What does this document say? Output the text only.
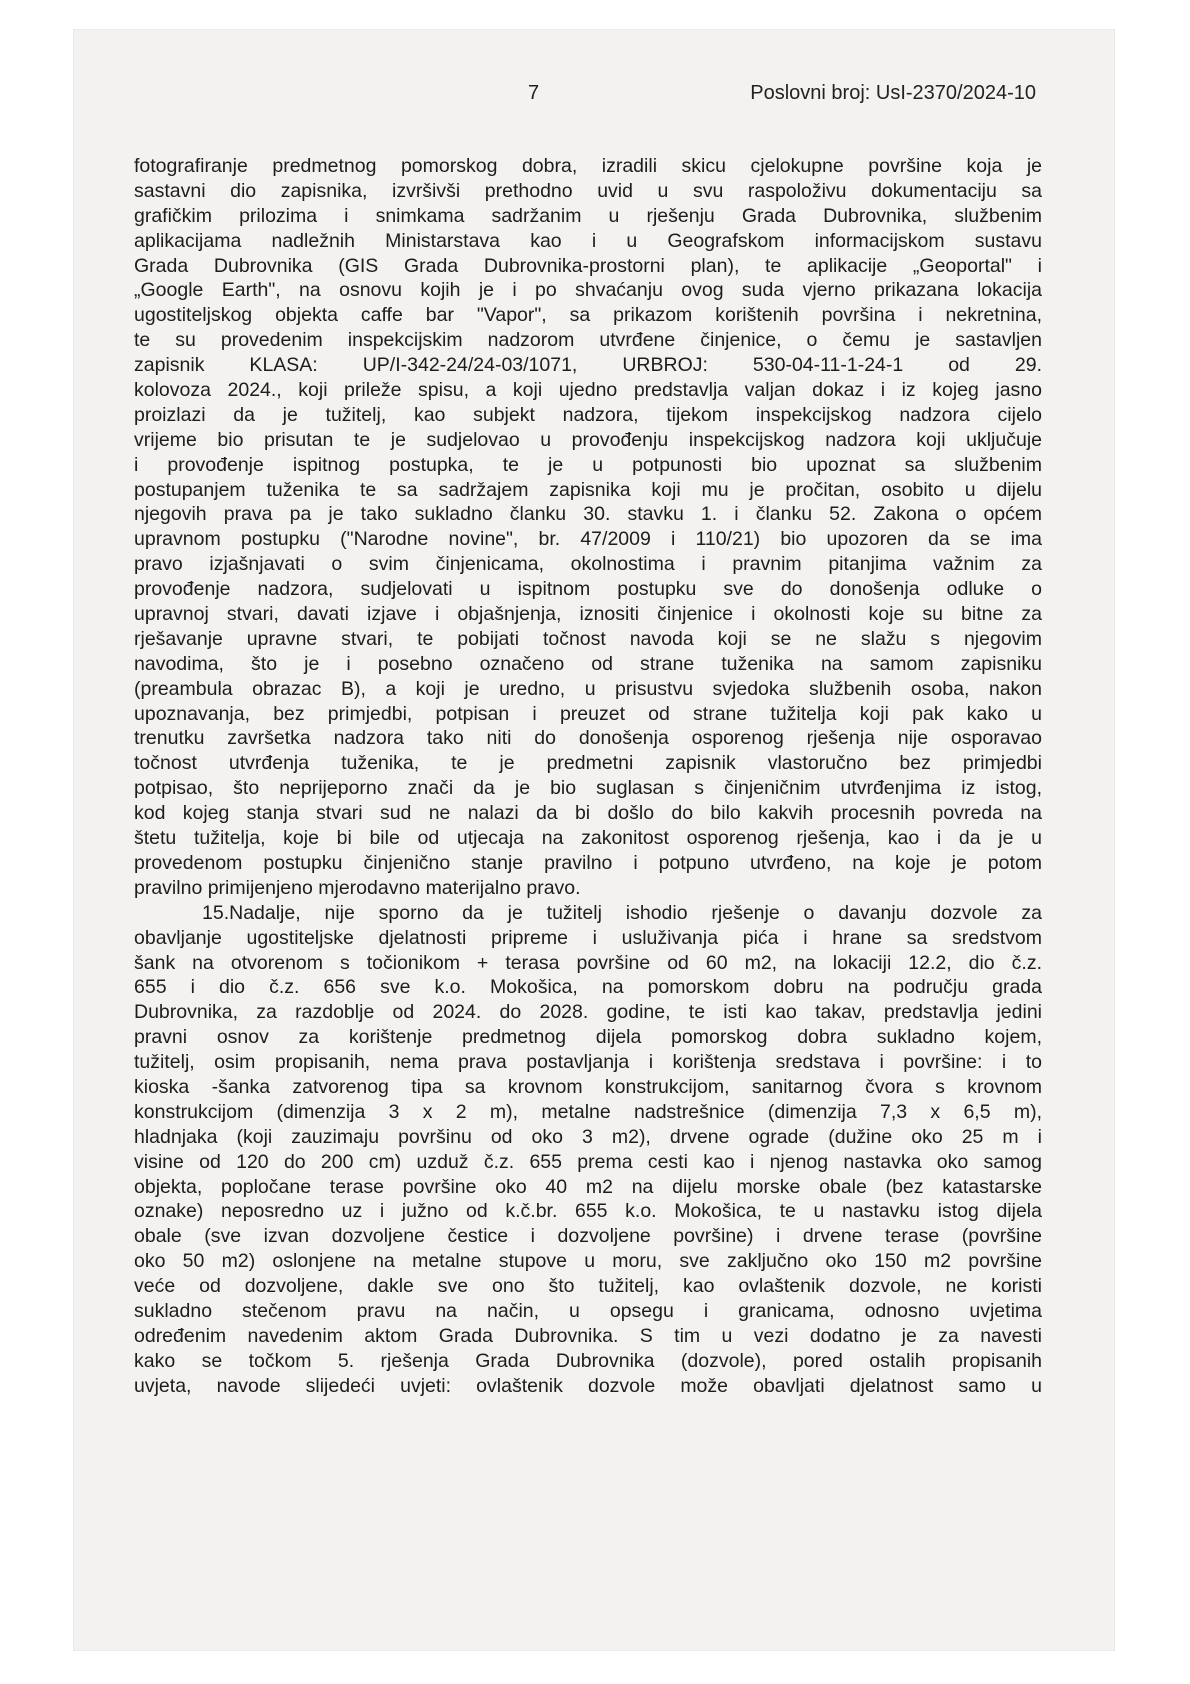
7	Poslovni broj: UsI-2370/2024-10
fotografiranje predmetnog pomorskog dobra, izradili skicu cjelokupne površine koja je
sastavni dio zapisnika, izvršivši prethodno uvid u svu raspoloživu dokumentaciju sa
grafičkim prilozima i snimkama sadržanim u rješenju Grada Dubrovnika, službenim
aplikacijama nadležnih Ministarstava kao i u Geografskom informacijskom sustavu
Grada Dubrovnika (GIS Grada Dubrovnika-prostorni plan), te aplikacije „Geoportal" i
„Google Earth", na osnovu kojih je i po shvaćanju ovog suda vjerno prikazana lokacija
ugostiteljskog objekta caffe bar "Vapor", sa prikazom korištenih površina i nekretnina,
te su provedenim inspekcijskim nadzorom utvrđene činjenice, o čemu je sastavljen
zapisnik KLASA: UP/I-342-24/24-03/1071, URBROJ: 530-04-11-1-24-1 od 29.
kolovoza 2024., koji prileže spisu, a koji ujedno predstavlja valjan dokaz i iz kojeg jasno
proizlazi da je tužitelj, kao subjekt nadzora, tijekom inspekcijskog nadzora cijelo
vrijeme bio prisutan te je sudjelovao u provođenju inspekcijskog nadzora koji uključuje
i provođenje ispitnog postupka, te je u potpunosti bio upoznat sa službenim
postupanjem tuženika te sa sadržajem zapisnika koji mu je pročitan, osobito u dijelu
njegovih prava pa je tako sukladno članku 30. stavku 1. i članku 52. Zakona o općem
upravnom postupku ("Narodne novine", br. 47/2009 i 110/21) bio upozoren da se ima
pravo izjašnjavati o svim činjenicama, okolnostima i pravnim pitanjima važnim za
provođenje nadzora, sudjelovati u ispitnom postupku sve do donošenja odluke o
upravnoj stvari, davati izjave i objašnjenja, iznositi činjenice i okolnosti koje su bitne za
rješavanje upravne stvari, te pobijati točnost navoda koji se ne slažu s njegovim
navodima, što je i posebno označeno od strane tuženika na samom zapisniku
(preambula obrazac B), a koji je uredno, u prisustvu svjedoka službenih osoba, nakon
upoznavanja, bez primjedbi, potpisan i preuzet od strane tužitelja koji pak kako u
trenutku završetka nadzora tako niti do donošenja osporenog rješenja nije osporavao
točnost utvrđenja tuženika, te je predmetni zapisnik vlastoručno bez primjedbi
potpisao, što neprijeporno znači da je bio suglasan s činjeničnim utvrđenjima iz istog,
kod kojeg stanja stvari sud ne nalazi da bi došlo do bilo kakvih procesnih povreda na
štetu tužitelja, koje bi bile od utjecaja na zakonitost osporenog rješenja, kao i da je u
provedenom postupku činjenično stanje pravilno i potpuno utvrđeno, na koje je potom
pravilno primijenjeno mjerodavno materijalno pravo.
15.Nadalje, nije sporno da je tužitelj ishodio rješenje o davanju dozvole za
obavljanje ugostiteljske djelatnosti pripreme i usluživanja pića i hrane sa sredstvom
šank na otvorenom s točionikom + terasa površine od 60 m2, na lokaciji 12.2, dio č.z.
655 i dio č.z. 656 sve k.o. Mokošica, na pomorskom dobru na području grada
Dubrovnika, za razdoblje od 2024. do 2028. godine, te isti kao takav, predstavlja jedini
pravni osnov za korištenje predmetnog dijela pomorskog dobra sukladno kojem,
tužitelj, osim propisanih, nema prava postavljanja i korištenja sredstava i površine: i to
kioska -šanka zatvorenog tipa sa krovnom konstrukcijom, sanitarnog čvora s krovnom
konstrukcijom (dimenzija 3 x 2 m), metalne nadstrešnice (dimenzija 7,3 x 6,5 m),
hladnjaka (koji zauzimaju površinu od oko 3 m2), drvene ograde (dužine oko 25 m i
visine od 120 do 200 cm) uzduž č.z. 655 prema cesti kao i njenog nastavka oko samog
objekta, popločane terase površine oko 40 m2 na dijelu morske obale (bez katastarske
oznake) neposredno uz i južno od k.č.br. 655 k.o. Mokošica, te u nastavku istog dijela
obale (sve izvan dozvoljene čestice i dozvoljene površine) i drvene terase (površine
oko 50 m2) oslonjene na metalne stupove u moru, sve zaključno oko 150 m2 površine
veće od dozvoljene, dakle sve ono što tužitelj, kao ovlaštenik dozvole, ne koristi
sukladno stečenom pravu na način, u opsegu i granicama, odnosno uvjetima
određenim navedenim aktom Grada Dubrovnika. S tim u vezi dodatno je za navesti
kako se točkom 5. rješenja Grada Dubrovnika (dozvole), pored ostalih propisanih
uvjeta, navode slijedeći uvjeti: ovlaštenik dozvole može obavljati djelatnost samo u
